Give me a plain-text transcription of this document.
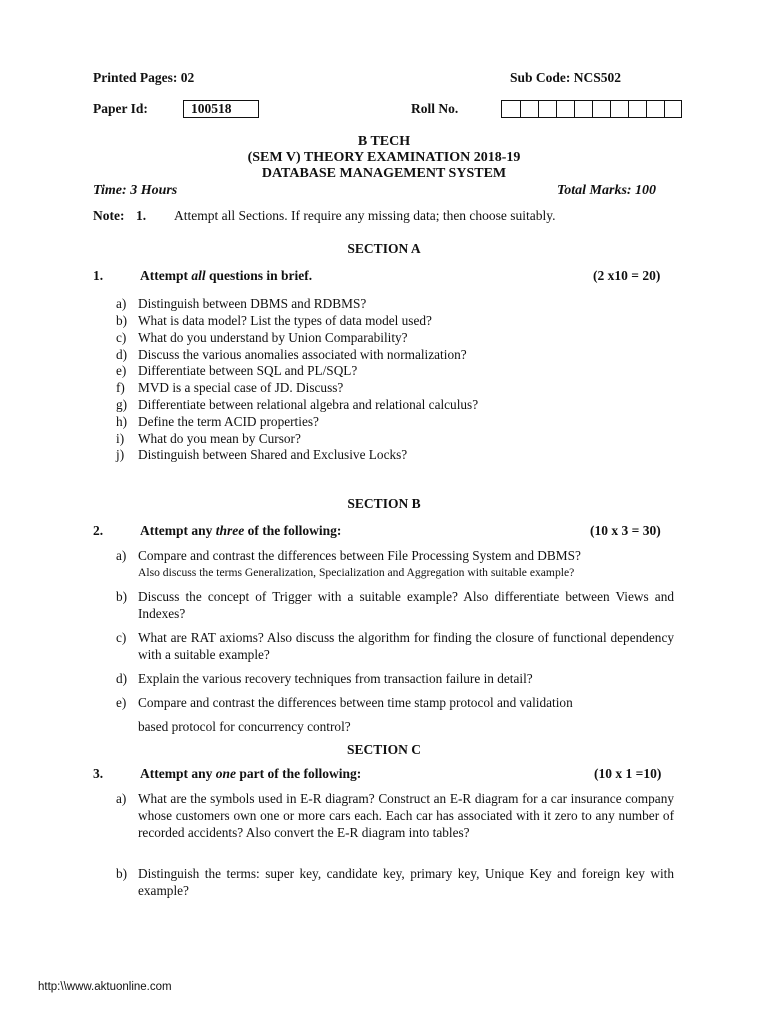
Printed Pages: 02	Sub Code: NCS502
Paper Id:	100518	Roll No.
B TECH
(SEM V) THEORY EXAMINATION 2018-19
DATABASE MANAGEMENT SYSTEM
Time: 3 Hours	Total Marks: 100
Note: 1. Attempt all Sections. If require any missing data; then choose suitably.
SECTION A
1.	Attempt all questions in brief.	(2 x10 = 20)
a) Distinguish between DBMS and RDBMS?
b) What is data model? List the types of data model used?
c) What do you understand by Union Comparability?
d) Discuss the various anomalies associated with normalization?
e) Differentiate between SQL and PL/SQL?
f) MVD is a special case of JD. Discuss?
g) Differentiate between relational algebra and relational calculus?
h) Define the term ACID properties?
i) What do you mean by Cursor?
j) Distinguish between Shared and Exclusive Locks?
SECTION B
2.	Attempt any three of the following:	(10 x 3 = 30)
a) Compare and contrast the differences between File Processing System and DBMS?
Also discuss the terms Generalization, Specialization and Aggregation with suitable example?
b) Discuss the concept of Trigger with a suitable example? Also differentiate between Views and Indexes?
c) What are RAT axioms? Also discuss the algorithm for finding the closure of functional dependency with a suitable example?
d) Explain the various recovery techniques from transaction failure in detail?
e) Compare and contrast the differences between time stamp protocol and validation
based protocol for concurrency control?
SECTION C
3.	Attempt any one part of the following:	(10 x 1 =10)
a) What are the symbols used in E-R diagram? Construct an E-R diagram for a car insurance company whose customers own one or more cars each. Each car has associated with it zero to any number of recorded accidents? Also convert the E-R diagram into tables?
b) Distinguish the terms: super key, candidate key, primary key, Unique Key and foreign key with example?
http:\\www.aktuonline.com
